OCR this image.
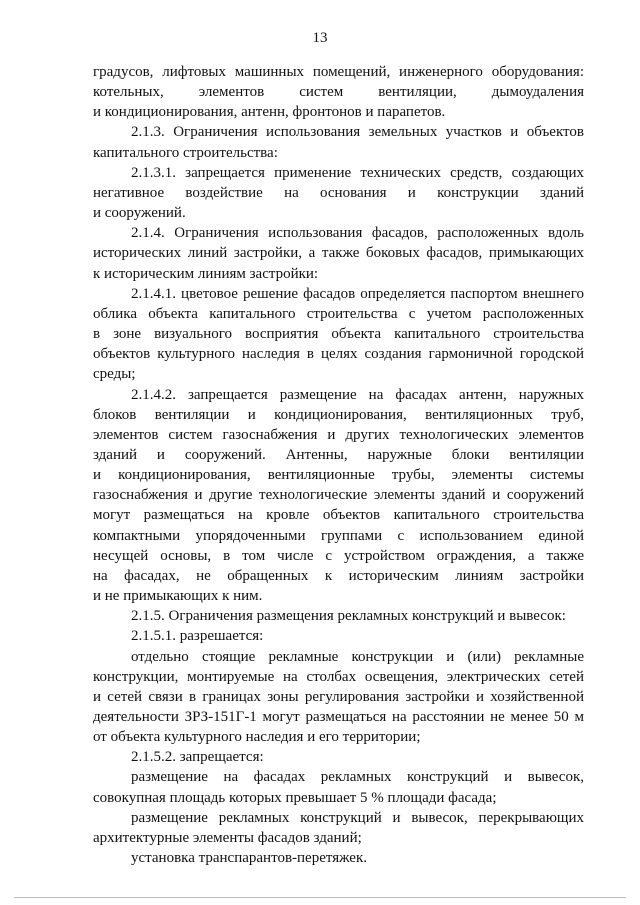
13

градусов, лифтовых машинных помещений, инженерного оборудования:

котельных, элементов систем вентиляции, дымоудаления

и кондиционирования, антенн, фронтонов и парапетов.

2.1.3. Ограничения использования земельных участков и объектов

капитального строительства:

2.1.3.1. запрещается применение технических средств, создающих

негативное воздействие на основания и конструкции зданий

и сооружений.

2.1.4. Ограничения использования фасадов, расположенных вдоль

исторических линий застройки, а также боковых фасадов, примыкающих

к историческим линиям застройки:

2.1.4.1. цветовое решение фасадов определяется паспортом внешнего

облика объекта капитального строительства с учетом расположенных

в зоне визуального восприятия объекта капитального строительства

объектов культурного наследия в целях создания гармоничной городской

среды;

2.1.4.2. запрещается размещение на фасадах антенн, наружных

блоков вентиляции и кондиционирования, вентиляционных труб,

элементов систем газоснабжения и других технологических элементов

зданий и сооружений. Антенны, наружные блоки вентиляции

и кондиционирования, вентиляционные трубы, элементы системы

газоснабжения и другие технологические элементы зданий и сооружений

могут размещаться на кровле объектов капитального строительства

компактными упорядоченными группами с использованием единой

несущей основы, в том числе с устройством ограждения, а также

на фасадах, не обращенных к историческим линиям застройки

и не примыкающих к ним.

2.1.5. Ограничения размещения рекламных конструкций и вывесок:

2.1.5.1. разрешается:

отдельно стоящие рекламные конструкции и (или) рекламные

конструкции, монтируемые на столбах освещения, электрических сетей

и сетей связи в границах зоны регулирования застройки и хозяйственной

деятельности ЗРЗ-151Г-1 могут размещаться на расстоянии не менее 50 м

от объекта культурного наследия и его территории;

2.1.5.2. запрещается:

размещение на фасадах рекламных конструкций и вывесок,

совокупная площадь которых превышает 5 % площади фасада;

размещение рекламных конструкций и вывесок, перекрывающих

архитектурные элементы фасадов зданий;

установка транспарантов-перетяжек.
